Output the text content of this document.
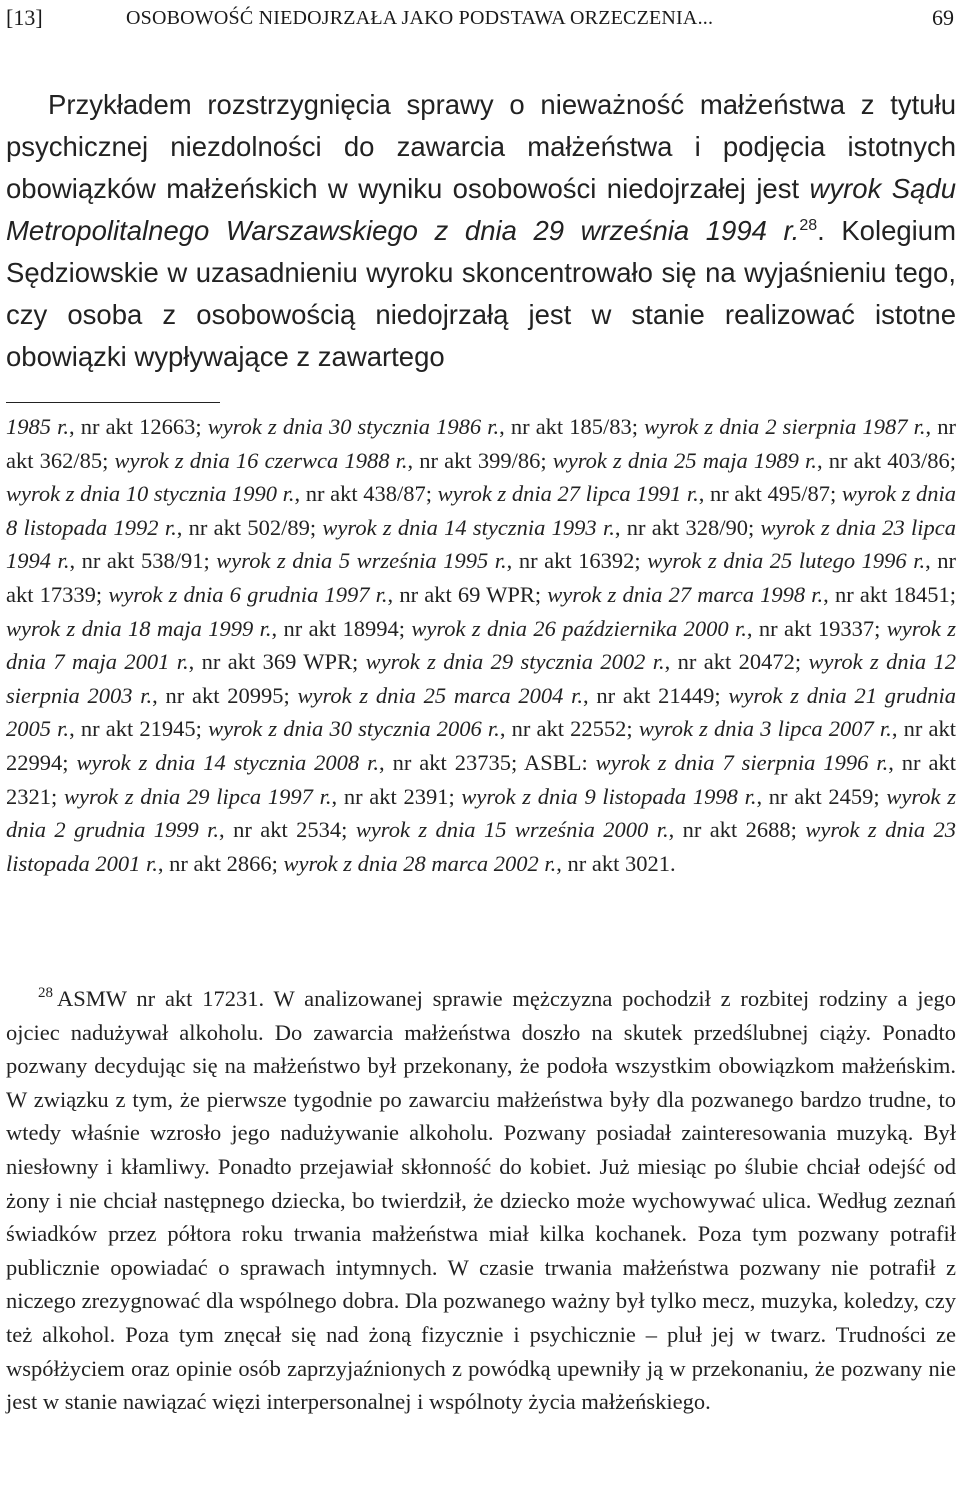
[13]	OSOBOWOŚĆ NIEDOJRZAŁA JAKO PODSTAWA ORZECZENIA...	69

Przykładem rozstrzygnięcia sprawy o nieważność małżeństwa z tytułu psychicznej niezdolności do zawarcia małżeństwa i podjęcia istotnych obowiązków małżeńskich w wyniku osobowości niedojrzałej jest wyrok Sądu Metropolitalnego Warszawskiego z dnia 29 września 1994 r.$^{28}$. Kolegium Sędziowskie w uzasadnieniu wyroku skoncentrowało się na wyjaśnieniu tego, czy osoba z osobowością niedojrzałą jest w stanie realizować istotne obowiązki wypływające z zawartego

1985 r., nr akt 12663; wyrok z dnia 30 stycznia 1986 r., nr akt 185/83; wyrok z dnia 2 sierpnia 1987 r., nr akt 362/85; wyrok z dnia 16 czerwca 1988 r., nr akt 399/86; wyrok z dnia 25 maja 1989 r., nr akt 403/86; wyrok z dnia 10 stycznia 1990 r., nr akt 438/87; wyrok z dnia 27 lipca 1991 r., nr akt 495/87; wyrok z dnia 8 listopada 1992 r., nr akt 502/89; wyrok z dnia 14 stycznia 1993 r., nr akt 328/90; wyrok z dnia 23 lipca 1994 r., nr akt 538/91; wyrok z dnia 5 września 1995 r., nr akt 16392; wyrok z dnia 25 lutego 1996 r., nr akt 17339; wyrok z dnia 6 grudnia 1997 r., nr akt 69 WPR; wyrok z dnia 27 marca 1998 r., nr akt 18451; wyrok z dnia 18 maja 1999 r., nr akt 18994; wyrok z dnia 26 października 2000 r., nr akt 19337; wyrok z dnia 7 maja 2001 r., nr akt 369 WPR; wyrok z dnia 29 stycznia 2002 r., nr akt 20472; wyrok z dnia 12 sierpnia 2003 r., nr akt 20995; wyrok z dnia 25 marca 2004 r., nr akt 21449; wyrok z dnia 21 grudnia 2005 r., nr akt 21945; wyrok z dnia 30 stycznia 2006 r., nr akt 22552; wyrok z dnia 3 lipca 2007 r., nr akt 22994; wyrok z dnia 14 stycznia 2008 r., nr akt 23735; ASBL: wyrok z dnia 7 sierpnia 1996 r., nr akt 2321; wyrok z dnia 29 lipca 1997 r., nr akt 2391; wyrok z dnia 9 listopada 1998 r., nr akt 2459; wyrok z dnia 2 grudnia 1999 r., nr akt 2534; wyrok z dnia 15 września 2000 r., nr akt 2688; wyrok z dnia 23 listopada 2001 r., nr akt 2866; wyrok z dnia 28 marca 2002 r., nr akt 3021.

$^{28}$ ASMW nr akt 17231. W analizowanej sprawie mężczyzna pochodził z rozbitej rodziny a jego ojciec nadużywał alkoholu. Do zawarcia małżeństwa doszło na skutek przedślubnej ciąży. Ponadto pozwany decydując się na małżeństwo był przekonany, że podoła wszystkim obowiązkom małżeńskim. W związku z tym, że pierwsze tygodnie po zawarciu małżeństwa były dla pozwanego bardzo trudne, to wtedy właśnie wzrosło jego nadużywanie alkoholu. Pozwany posiadał zainteresowania muzyką. Był niesłowny i kłamliwy. Ponadto przejawiał skłonność do kobiet. Już miesiąc po ślubie chciał odejść od żony i nie chciał następnego dziecka, bo twierdził, że dziecko może wychowywać ulica. Według zeznań świadków przez półtora roku trwania małżeństwa miał kilka kochanek. Poza tym pozwany potrafił publicznie opowiadać o sprawach intymnych. W czasie trwania małżeństwa pozwany nie potrafił z niczego zrezygnować dla wspólnego dobra. Dla pozwanego ważny był tylko mecz, muzyka, koledzy, czy też alkohol. Poza tym znęcał się nad żoną fizycznie i psychicznie – pluł jej w twarz. Trudności ze współżyciem oraz opinie osób zaprzyjaźnionych z powódką upewniły ją w przekonaniu, że pozwany nie jest w stanie nawiązać więzi interpersonalnej i wspólnoty życia małżeńskiego.
